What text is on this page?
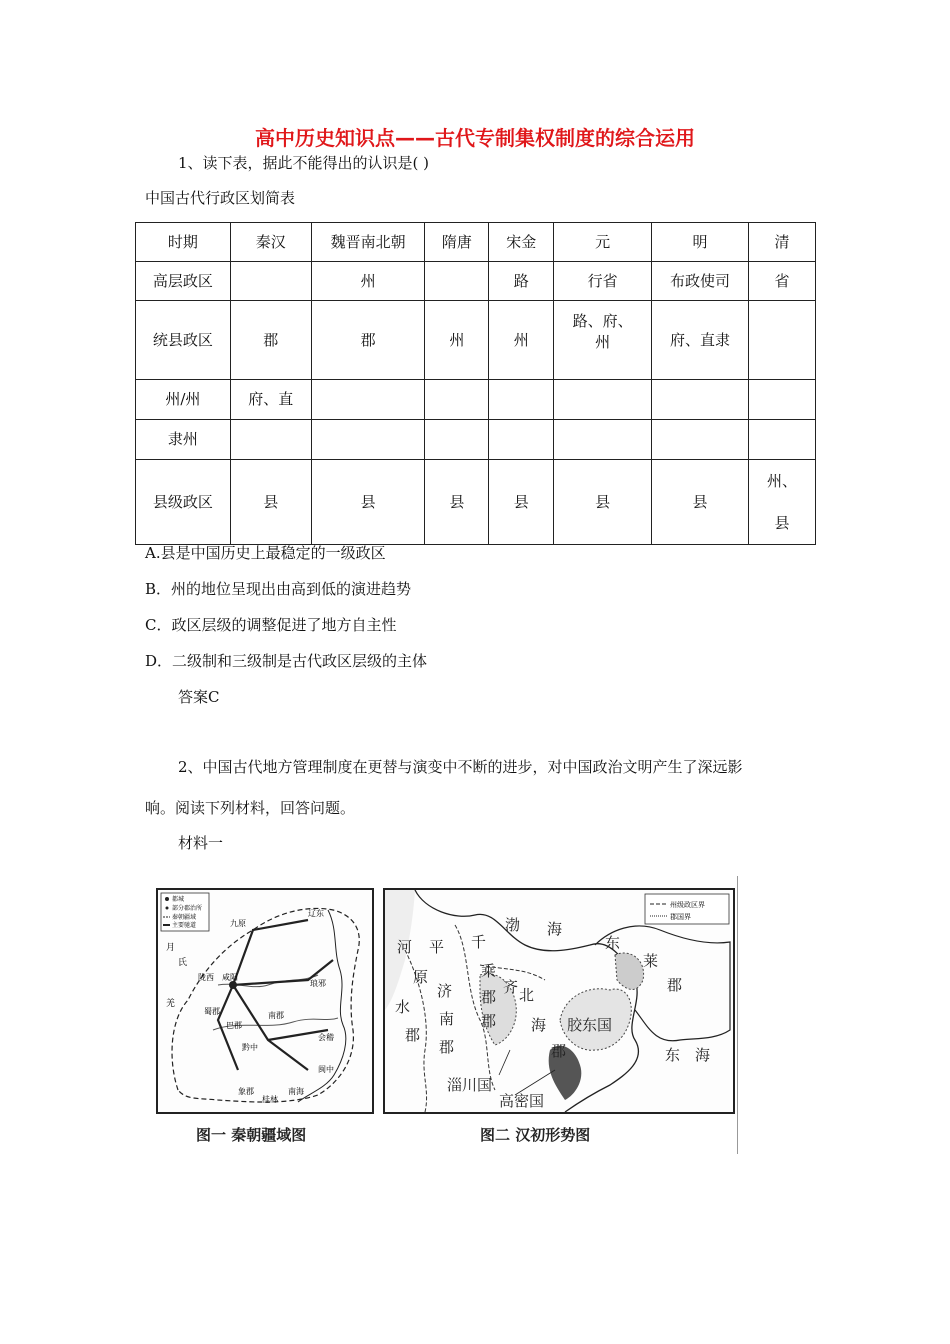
高中历史知识点——古代专制集权制度的综合运用
1、读下表，据此不能得出的认识是( )
中国古代行政区划简表
时期	秦汉	魏晋南北朝	隋唐	宋金	元	明	清
高层政区		州		路	行省	布政使司	省
统县政区	郡	郡	州	州	路、府、州	府、直隶	
州/州	府、直						
隶州							
县级政区	县	县	县	县	县	县	州、县
A.县是中国历史上最稳定的一级政区
B．州的地位呈现出由高到低的演进趋势
C．政区层级的调整促进了地方自主性
D．二级制和三级制是古代政区层级的主体
答案C
2、中国古代地方管理制度在更替与演变中不断的进步，对中国政治文明产生了深远影
响。阅读下列材料，回答问题。
材料一
都城
部分郡治所
秦朝疆域
主要驰道
辽东
九原
月
氏
陇西 咸阳
琅邪
羌
蜀郡
巴郡
南郡
会稽
黔中
闽中
象郡
桂林
南海
州级政区界
郡国界
渤 海
东
莱
郡
河 平 千
原	乘
水
济
郡
齐
郡
南
北
郡
郡 海 胶东国
郡
淄川国
高密国
东 海
图一 秦朝疆域图	图二 汉初形势图
